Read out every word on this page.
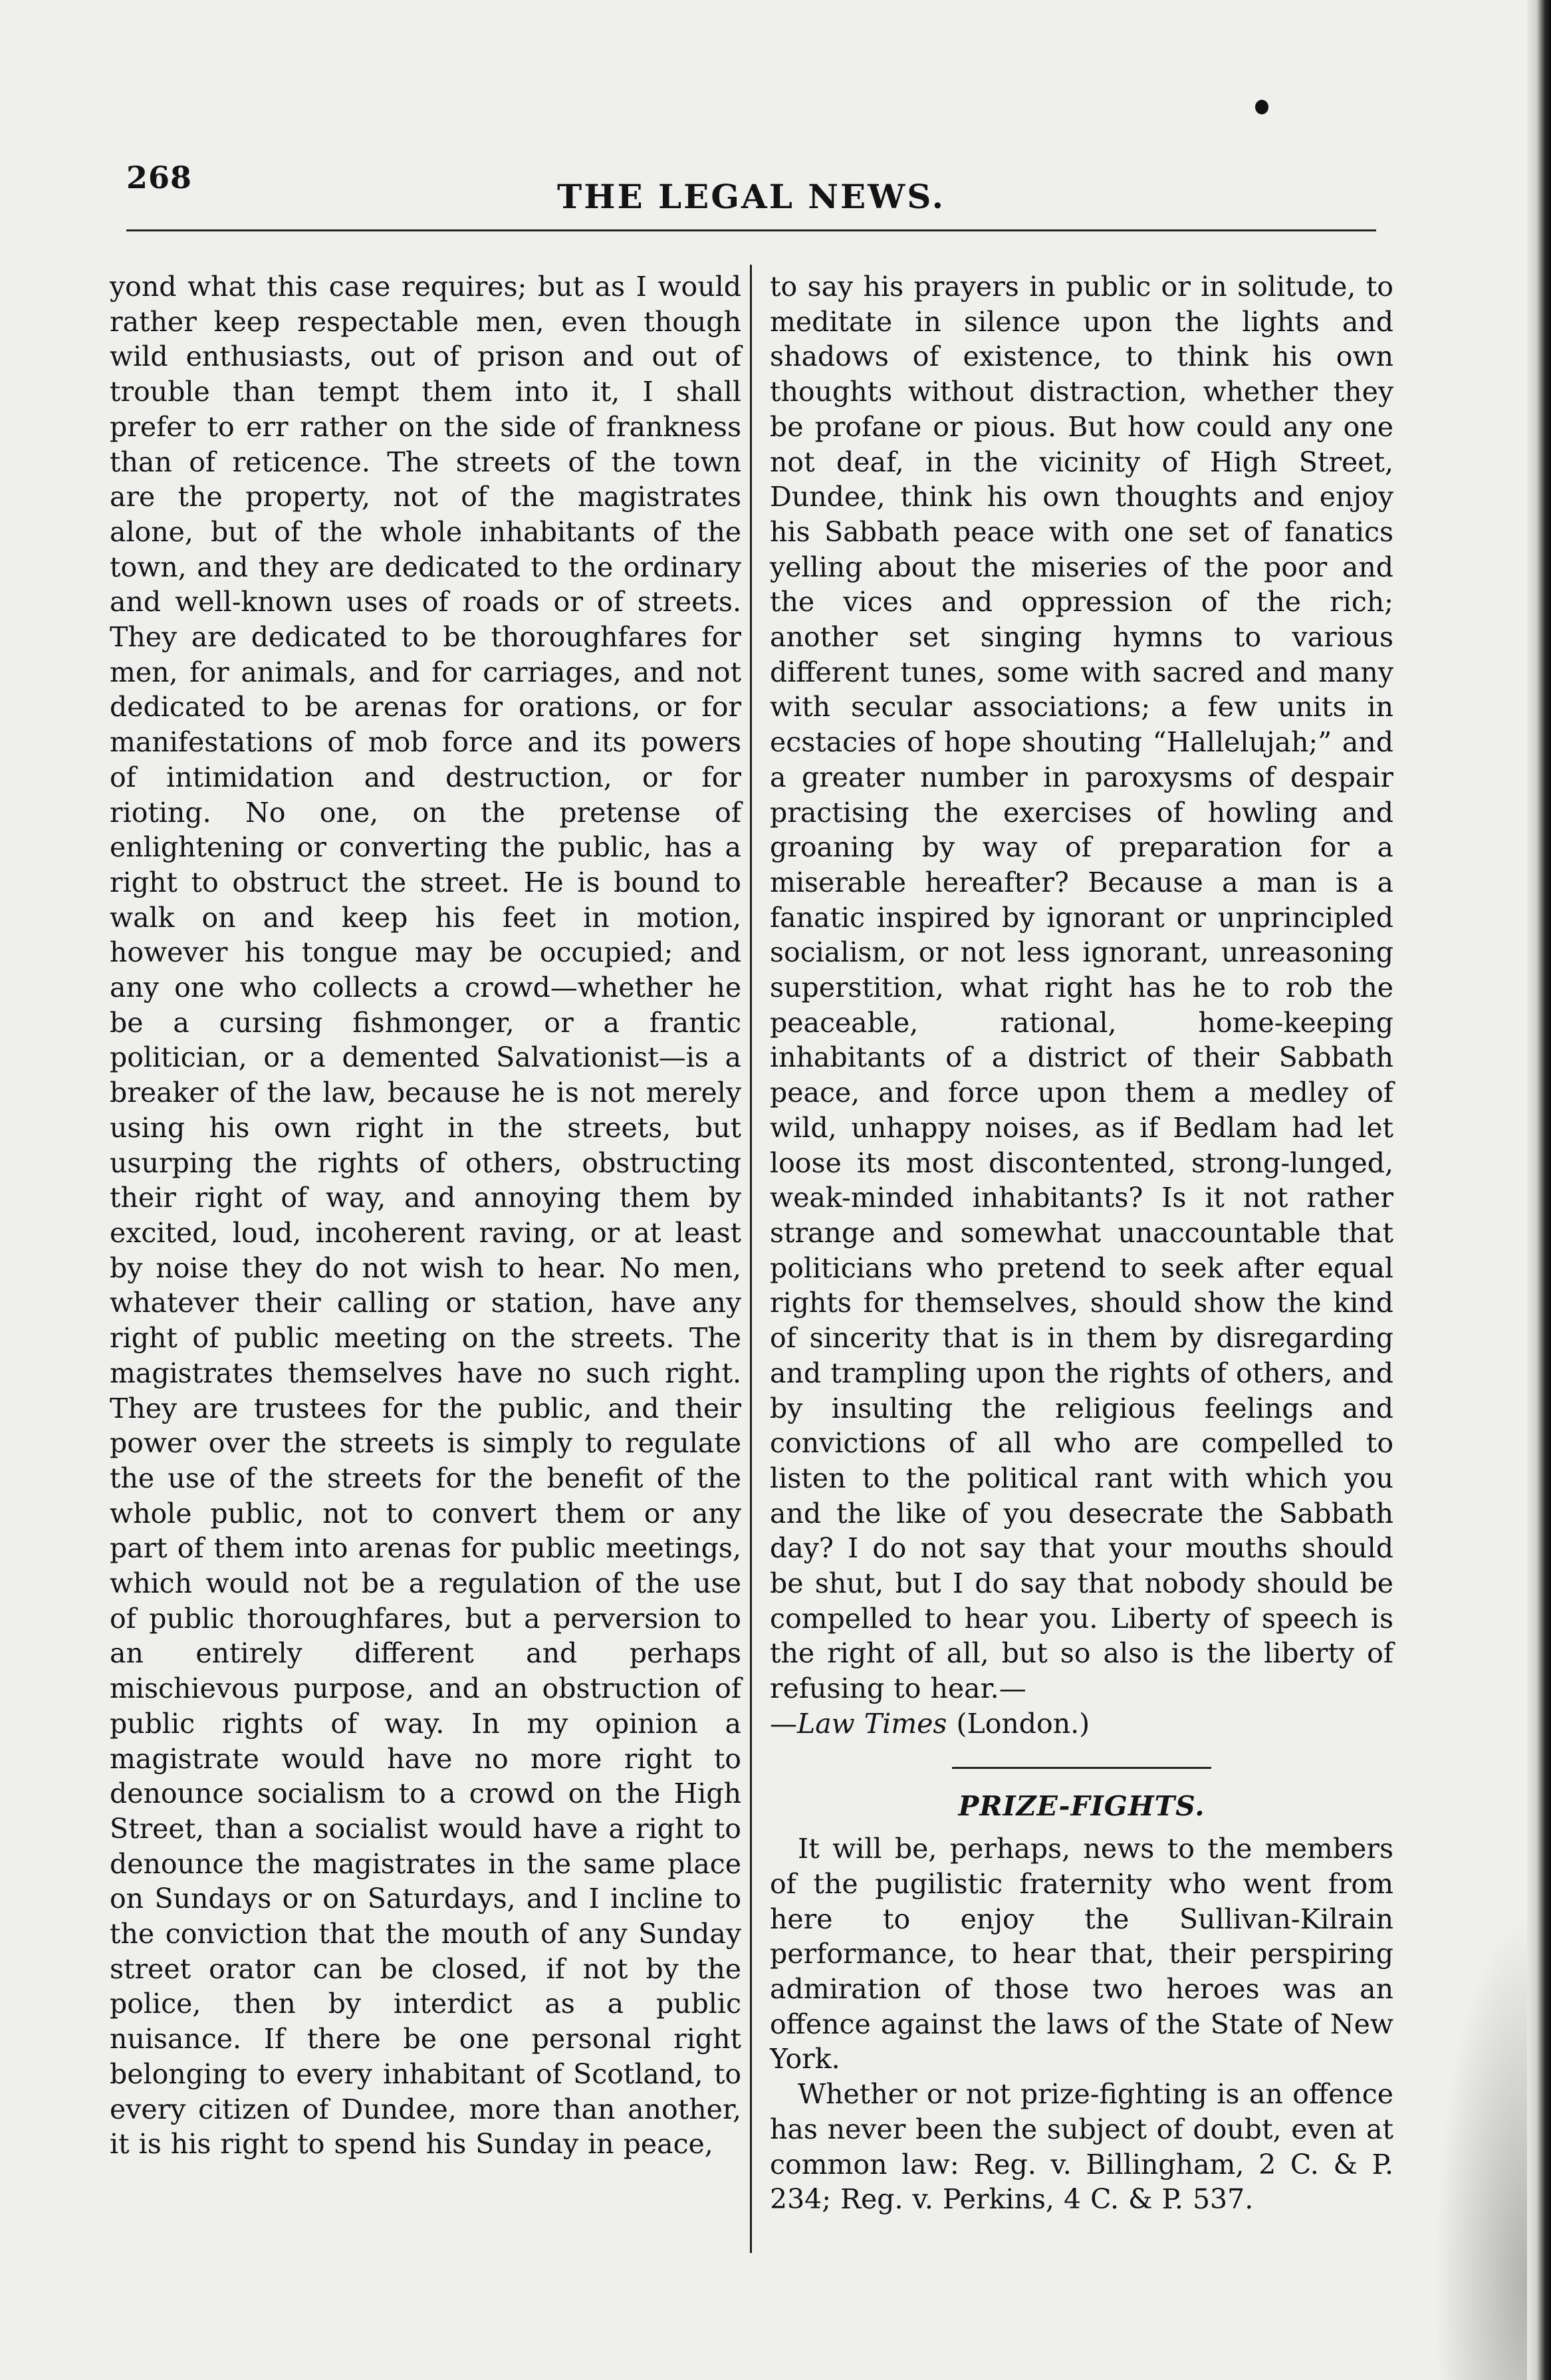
268	THE LEGAL NEWS.

yond what this case requires; but as I would rather keep respectable men, even though wild enthusiasts, out of prison and out of trouble than tempt them into it, I shall prefer to err rather on the side of frankness than of reticence. The streets of the town are the property, not of the magistrates alone, but of the whole inhabitants of the town, and they are dedicated to the ordinary and well-known uses of roads or of streets. They are dedicated to be thoroughfares for men, for animals, and for carriages, and not dedicated to be arenas for orations, or for manifestations of mob force and its powers of intimidation and destruction, or for rioting. No one, on the pretense of enlightening or converting the public, has a right to obstruct the street. He is bound to walk on and keep his feet in motion, however his tongue may be occupied; and any one who collects a crowd—whether he be a cursing fishmonger, or a frantic politician, or a demented Salvationist—is a breaker of the law, because he is not merely using his own right in the streets, but usurping the rights of others, obstructing their right of way, and annoying them by excited, loud, incoherent raving, or at least by noise they do not wish to hear. No men, whatever their calling or station, have any right of public meeting on the streets. The magistrates themselves have no such right. They are trustees for the public, and their power over the streets is simply to regulate the use of the streets for the benefit of the whole public, not to convert them or any part of them into arenas for public meetings, which would not be a regulation of the use of public thoroughfares, but a perversion to an entirely different and perhaps mischievous purpose, and an obstruction of public rights of way. In my opinion a magistrate would have no more right to denounce socialism to a crowd on the High Street, than a socialist would have a right to denounce the magistrates in the same place on Sundays or on Saturdays, and I incline to the conviction that the mouth of any Sunday street orator can be closed, if not by the police, then by interdict as a public nuisance. If there be one personal right belonging to every inhabitant of Scotland, to every citizen of Dundee, more than another, it is his right to spend his Sunday in peace,

to say his prayers in public or in solitude, to meditate in silence upon the lights and shadows of existence, to think his own thoughts without distraction, whether they be profane or pious. But how could any one not deaf, in the vicinity of High Street, Dundee, think his own thoughts and enjoy his Sabbath peace with one set of fanatics yelling about the miseries of the poor and the vices and oppression of the rich; another set singing hymns to various different tunes, some with sacred and many with secular associations; a few units in ecstacies of hope shouting “Hallelujah;” and a greater number in paroxysms of despair practising the exercises of howling and groaning by way of preparation for a miserable hereafter? Because a man is a fanatic inspired by ignorant or unprincipled socialism, or not less ignorant, unreasoning superstition, what right has he to rob the peaceable, rational, home-keeping inhabitants of a district of their Sabbath peace, and force upon them a medley of wild, unhappy noises, as if Bedlam had let loose its most discontented, strong-lunged, weak-minded inhabitants? Is it not rather strange and somewhat unaccountable that politicians who pretend to seek after equal rights for themselves, should show the kind of sincerity that is in them by disregarding and trampling upon the rights of others, and by insulting the religious feelings and convictions of all who are compelled to listen to the political rant with which you and the like of you desecrate the Sabbath day? I do not say that your mouths should be shut, but I do say that nobody should be compelled to hear you. Liberty of speech is the right of all, but so also is the liberty of refusing to hear.—
—Law Times (London.)

PRIZE-FIGHTS.

It will be, perhaps, news to the members of the pugilistic fraternity who went from here to enjoy the Sullivan-Kilrain performance, to hear that, their perspiring admiration of those two heroes was an offence against the laws of the State of New York.

Whether or not prize-fighting is an offence has never been the subject of doubt, even at common law: Reg. v. Billingham, 2 C. & P. 234; Reg. v. Perkins, 4 C. & P. 537.
